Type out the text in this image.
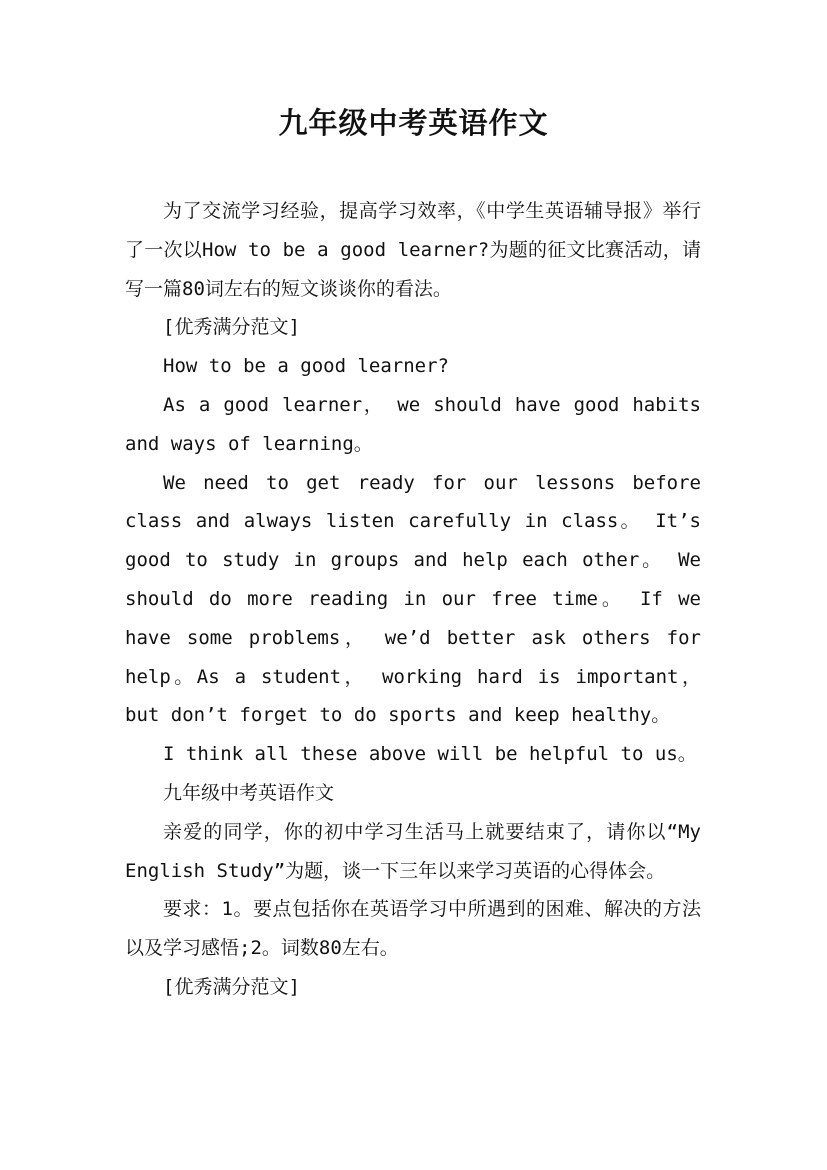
九年级中考英语作文

为了交流学习经验，提高学习效率，《中学生英语辅导报》举行了一次以How to be a good learner?为题的征文比赛活动，请写一篇80词左右的短文谈谈你的看法。

[优秀满分范文]

How to be a good learner?

As a good learner， we should have good habits and ways of learning。

We need to get ready for our lessons before class and always listen carefully in class。 It’s good to study in groups and help each other。 We should do more reading in our free time。 If we have some problems， we’d better ask others for help。As a student， working hard is important， but don’t forget to do sports and keep healthy。

I think all these above will be helpful to us。

九年级中考英语作文

亲爱的同学，你的初中学习生活马上就要结束了，请你以“My English Study”为题，谈一下三年以来学习英语的心得体会。

要求：1。要点包括你在英语学习中所遇到的困难、解决的方法以及学习感悟;2。词数80左右。

[优秀满分范文]
